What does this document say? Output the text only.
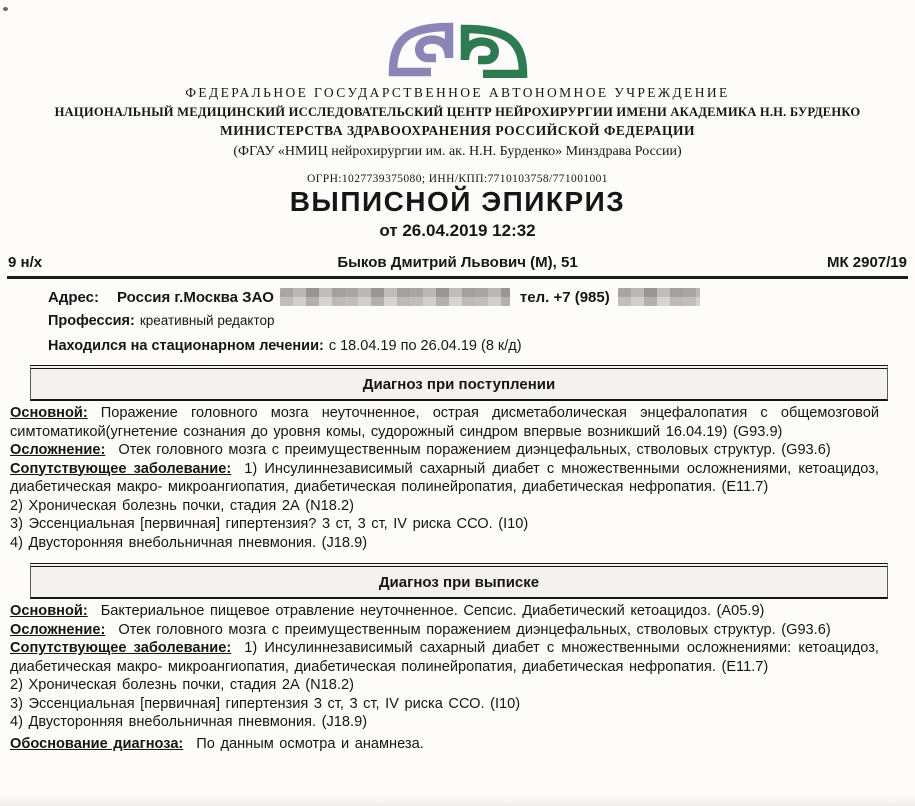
ФЕДЕРАЛЬНОЕ ГОСУДАРСТВЕННОЕ АВТОНОМНОЕ УЧРЕЖДЕНИЕ
НАЦИОНАЛЬНЫЙ МЕДИЦИНСКИЙ ИССЛЕДОВАТЕЛЬСКИЙ ЦЕНТР НЕЙРОХИРУРГИИ ИМЕНИ АКАДЕМИКА Н.Н. БУРДЕНКО
МИНИСТЕРСТВА ЗДРАВООХРАНЕНИЯ РОССИЙСКОЙ ФЕДЕРАЦИИ
(ФГАУ «НМИЦ нейрохирургии им. ак. Н.Н. Бурденко» Минздрава России)
ОГРН:1027739375080; ИНН/КПП:7710103758/771001001
ВЫПИСНОЙ ЭПИКРИЗ
от 26.04.2019 12:32
9 н/х	Быков Дмитрий Львович (М), 51	МК 2907/19
Адрес: Россия г.Москва ЗАО	тел. +7 (985)
Профессия: креативный редактор
Находился на стационарном лечении: с 18.04.19 по 26.04.19 (8 к/д)
Диагноз при поступлении

Основной: Поражение головного мозга неуточненное, острая дисметаболическая энцефалопатия с общемозговой симтоматикой(угнетение сознания до уровня комы, судорожный синдром впервые возникший 16.04.19) (G93.9)

Осложнение: Отек головного мозга с преимущественным поражением диэнцефальных, стволовых структур. (G93.6)

Сопутствующее заболевание: 1) Инсулиннезависимый сахарный диабет с множественными осложнениями, кетоацидоз, диабетическая макро- микроангиопатия, диабетическая полинейропатия, диабетическая нефропатия. (E11.7)

2) Хроническая болезнь почки, стадия 2А (N18.2)

3) Эссенциальная [первичная] гипертензия? 3 ст, 3 ст, IV риска ССО. (I10)

4) Двусторонняя внебольничная пневмония. (J18.9)

Диагноз при выписке

Основной: Бактериальное пищевое отравление неуточненное. Сепсис. Диабетический кетоацидоз. (А05.9)

Осложнение: Отек головного мозга с преимущественным поражением диэнцефальных, стволовых структур. (G93.6)

Сопутствующее заболевание: 1) Инсулиннезависимый сахарный диабет с множественными осложнениями: кетоацидоз, диабетическая макро- микроангиопатия, диабетическая полинейропатия, диабетическая нефропатия. (E11.7)

2) Хроническая болезнь почки, стадия 2А (N18.2)

3) Эссенциальная [первичная] гипертензия 3 ст, 3 ст, IV риска ССО. (I10)

4) Двусторонняя внебольничная пневмония. (J18.9)

Обоснование диагноза: По данным осмотра и анамнеза.
